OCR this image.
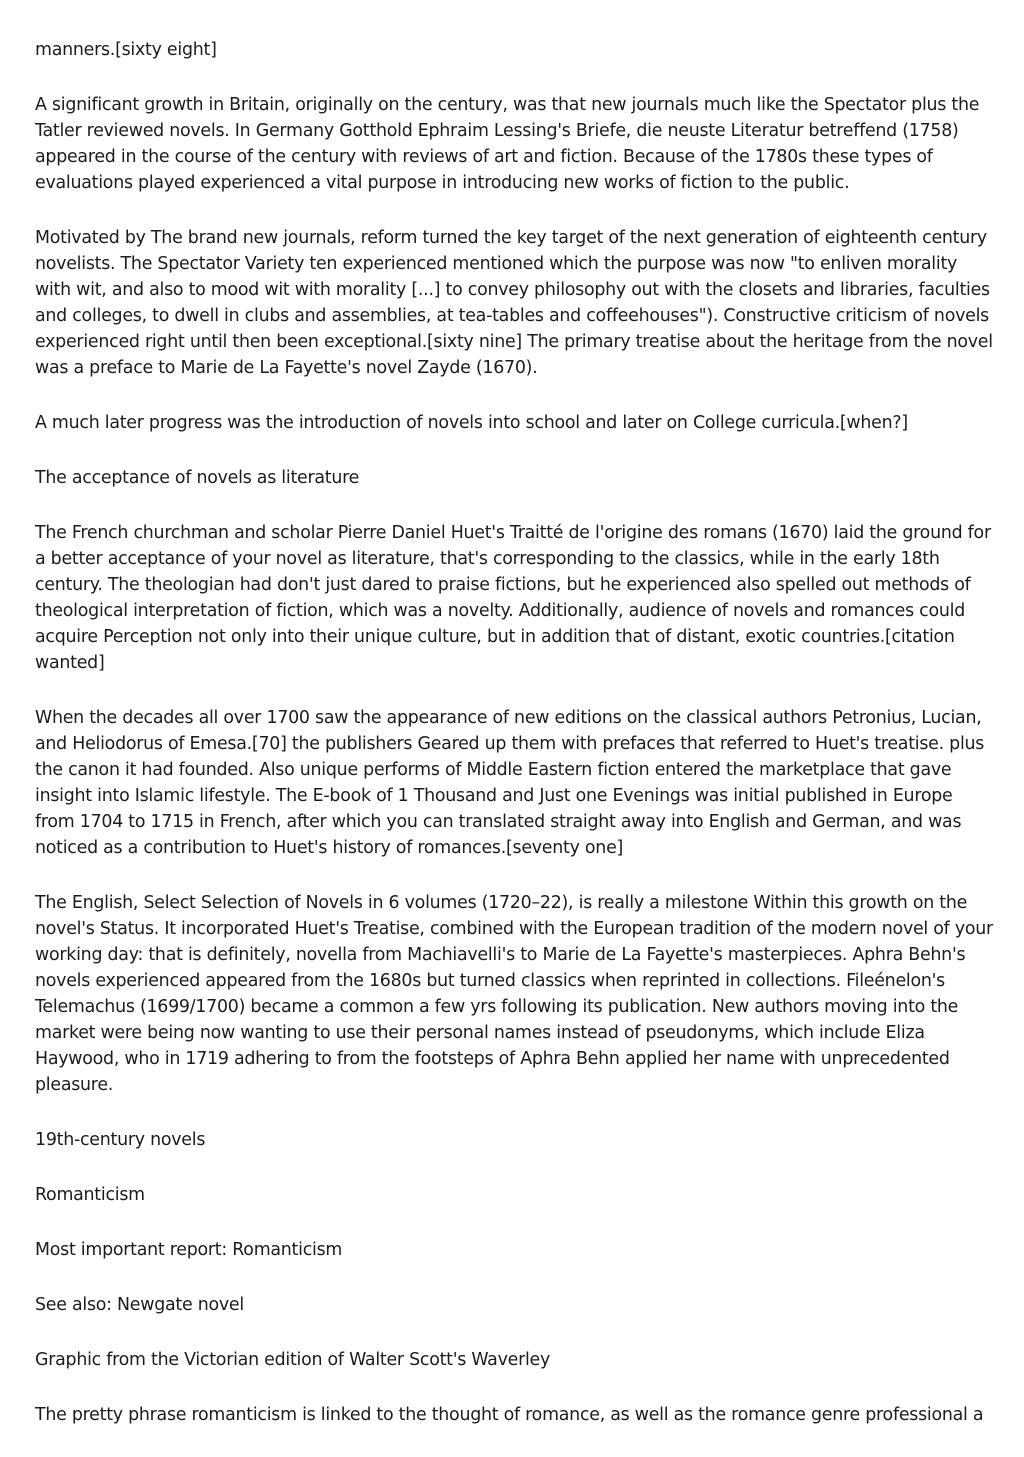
manners.[sixty eight]

A significant growth in Britain, originally on the century, was that new journals much like the Spectator plus the Tatler reviewed novels. In Germany Gotthold Ephraim Lessing's Briefe, die neuste Literatur betreffend (1758) appeared in the course of the century with reviews of art and fiction. Because of the 1780s these types of evaluations played experienced a vital purpose in introducing new works of fiction to the public.

Motivated by The brand new journals, reform turned the key target of the next generation of eighteenth century novelists. The Spectator Variety ten experienced mentioned which the purpose was now "to enliven morality with wit, and also to mood wit with morality [...] to convey philosophy out with the closets and libraries, faculties and colleges, to dwell in clubs and assemblies, at tea-tables and coffeehouses"). Constructive criticism of novels experienced right until then been exceptional.[sixty nine] The primary treatise about the heritage from the novel was a preface to Marie de La Fayette's novel Zayde (1670).

A much later progress was the introduction of novels into school and later on College curricula.[when?]

The acceptance of novels as literature

The French churchman and scholar Pierre Daniel Huet's Traitté de l'origine des romans (1670) laid the ground for a better acceptance of your novel as literature, that's corresponding to the classics, while in the early 18th century. The theologian had don't just dared to praise fictions, but he experienced also spelled out methods of theological interpretation of fiction, which was a novelty. Additionally, audience of novels and romances could acquire Perception not only into their unique culture, but in addition that of distant, exotic countries.[citation wanted]

When the decades all over 1700 saw the appearance of new editions on the classical authors Petronius, Lucian, and Heliodorus of Emesa.[70] the publishers Geared up them with prefaces that referred to Huet's treatise. plus the canon it had founded. Also unique performs of Middle Eastern fiction entered the marketplace that gave insight into Islamic lifestyle. The E-book of 1 Thousand and Just one Evenings was initial published in Europe from 1704 to 1715 in French, after which you can translated straight away into English and German, and was noticed as a contribution to Huet's history of romances.[seventy one]

The English, Select Selection of Novels in 6 volumes (1720–22), is really a milestone Within this growth on the novel's Status. It incorporated Huet's Treatise, combined with the European tradition of the modern novel of your working day: that is definitely, novella from Machiavelli's to Marie de La Fayette's masterpieces. Aphra Behn's novels experienced appeared from the 1680s but turned classics when reprinted in collections. Fileénelon's Telemachus (1699/1700) became a common a few yrs following its publication. New authors moving into the market were being now wanting to use their personal names instead of pseudonyms, which include Eliza Haywood, who in 1719 adhering to from the footsteps of Aphra Behn applied her name with unprecedented pleasure.

19th-century novels

Romanticism

Most important report: Romanticism

See also: Newgate novel

Graphic from the Victorian edition of Walter Scott's Waverley

The pretty phrase romanticism is linked to the thought of romance, as well as the romance genre professional a
